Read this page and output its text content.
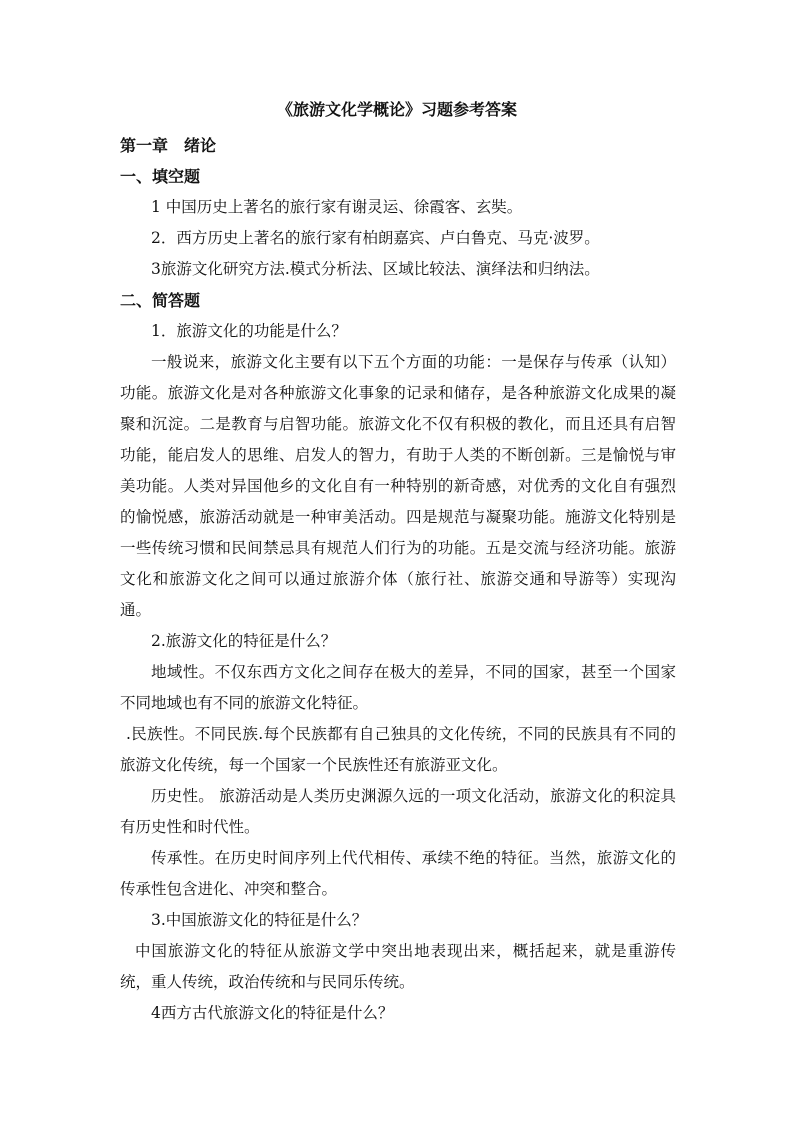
《旅游文化学概论》习题参考答案

第一章　绪论

一、填空题

1 中国历史上著名的旅行家有谢灵运、徐霞客、玄奘。

2．西方历史上著名的旅行家有柏朗嘉宾、卢白鲁克、马克·波罗。

3旅游文化研究方法.模式分析法、区域比较法、演绎法和归纳法。

二、简答题

1．旅游文化的功能是什么？

一般说来，旅游文化主要有以下五个方面的功能：一是保存与传承（认知）功能。旅游文化是对各种旅游文化事象的记录和储存，是各种旅游文化成果的凝聚和沉淀。二是教育与启智功能。旅游文化不仅有积极的教化，而且还具有启智功能，能启发人的思维、启发人的智力，有助于人类的不断创新。三是愉悦与审美功能。人类对异国他乡的文化自有一种特别的新奇感，对优秀的文化自有强烈的愉悦感，旅游活动就是一种审美活动。四是规范与凝聚功能。施游文化特别是一些传统习惯和民间禁忌具有规范人们行为的功能。五是交流与经济功能。旅游文化和旅游文化之间可以通过旅游介体（旅行社、旅游交通和导游等）实现沟通。

2.旅游文化的特征是什么？

地域性。不仅东西方文化之间存在极大的差异，不同的国家，甚至一个国家不同地域也有不同的旅游文化特征。

.民族性。不同民族.每个民族都有自己独具的文化传统，不同的民族具有不同的旅游文化传统，每一个国家一个民族性还有旅游亚文化。

历史性。 旅游活动是人类历史渊源久远的一项文化活动，旅游文化的积淀具有历史性和时代性。

传承性。在历史时间序列上代代相传、承续不绝的特征。当然，旅游文化的传承性包含进化、冲突和整合。

3.中国旅游文化的特征是什么？

中国旅游文化的特征从旅游文学中突出地表现出来，概括起来，就是重游传统，重人传统，政治传统和与民同乐传统。

4西方古代旅游文化的特征是什么？
